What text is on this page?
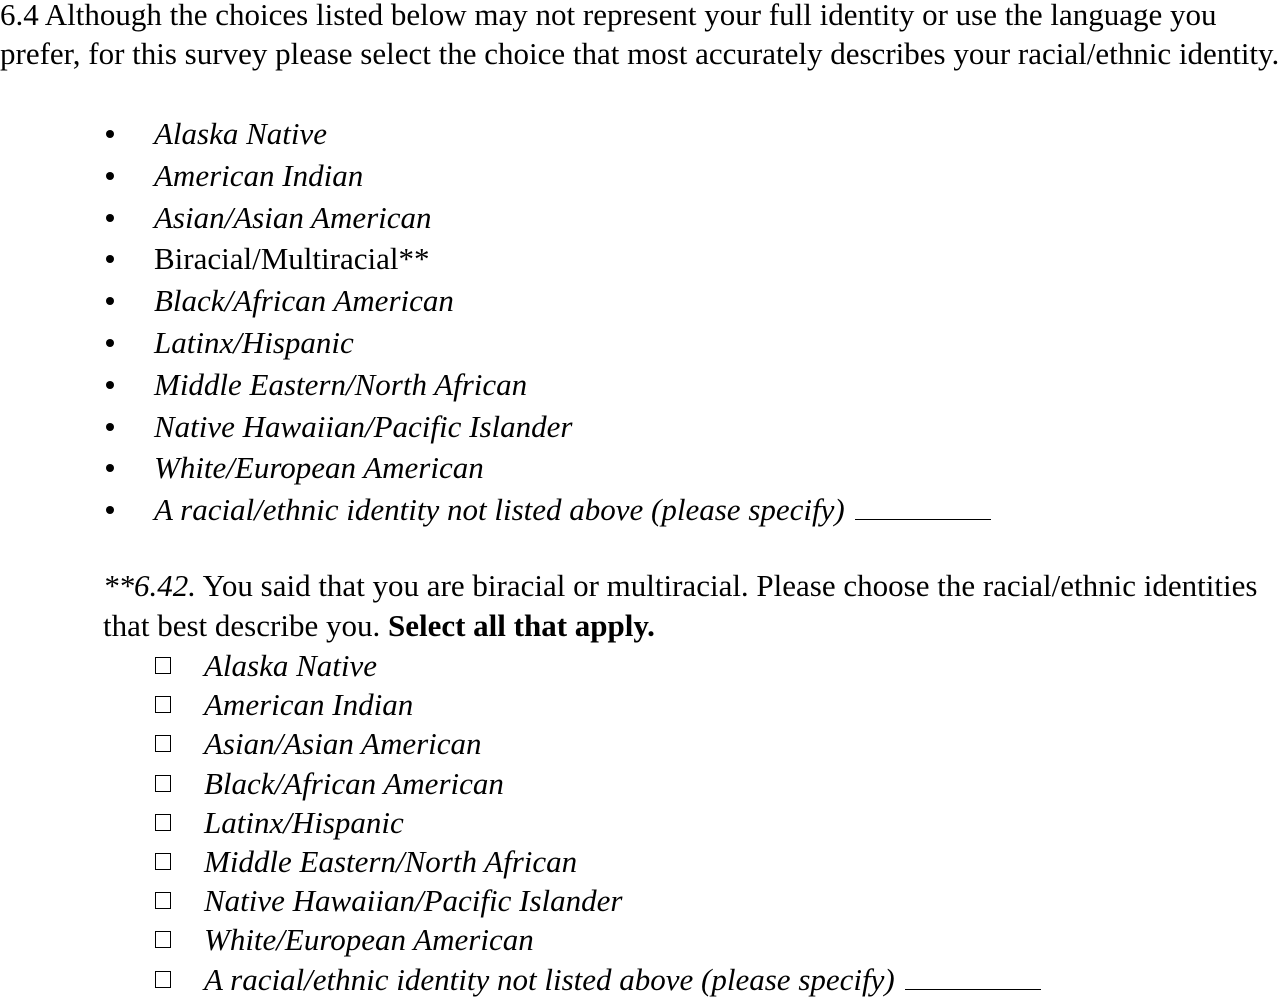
6.4 Although the choices listed below may not represent your full identity or use the language you prefer, for this survey please select the choice that most accurately describes your racial/ethnic identity.

Alaska Native
American Indian
Asian/Asian American
Biracial/Multiracial**
Black/African American
Latinx/Hispanic
Middle Eastern/North African
Native Hawaiian/Pacific Islander
White/European American
A racial/ethnic identity not listed above (please specify)

**6.42. You said that you are biracial or multiracial. Please choose the racial/ethnic identities that best describe you. Select all that apply.

Alaska Native
American Indian
Asian/Asian American
Black/African American
Latinx/Hispanic
Middle Eastern/North African
Native Hawaiian/Pacific Islander
White/European American
A racial/ethnic identity not listed above (please specify)
